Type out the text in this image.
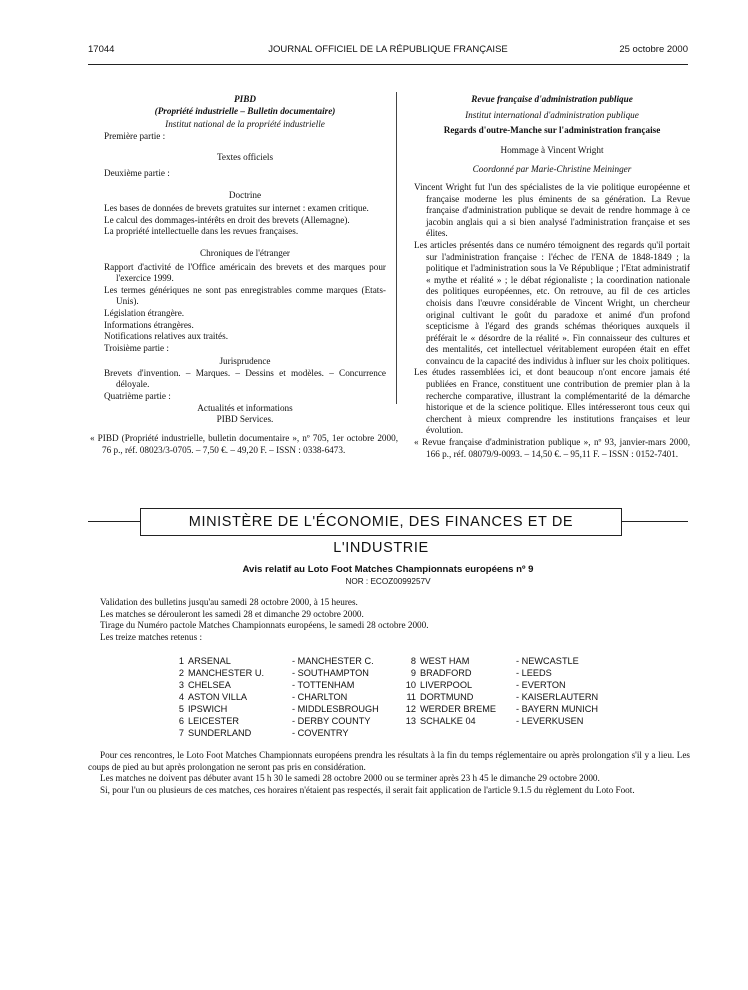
17044	JOURNAL OFFICIEL DE LA RÉPUBLIQUE FRANÇAISE	25 octobre 2000

PIBD

(Propriété industrielle – Bulletin documentaire)

Institut national de la propriété industrielle

Première partie :

Textes officiels

Deuxième partie :

Doctrine

Les bases de données de brevets gratuites sur internet : examen critique.

Le calcul des dommages-intérêts en droit des brevets (Allemagne).

La propriété intellectuelle dans les revues françaises.

Chroniques de l'étranger

Rapport d'activité de l'Office américain des brevets et des marques pour l'exercice 1999.

Les termes génériques ne sont pas enregistrables comme marques (Etats-Unis).

Législation étrangère.

Informations étrangères.

Notifications relatives aux traités.

Troisième partie :

Jurisprudence

Brevets d'invention. – Marques. – Dessins et modèles. – Concurrence déloyale.

Quatrième partie :

Actualités et informations

PIBD Services.

« PIBD (Propriété industrielle, bulletin documentaire », nº 705, 1er octobre 2000, 76 p., réf. 08023/3-0705. – 7,50 €. – 49,20 F. – ISSN : 0338-6473.

Revue française d'administration publique

Institut international d'administration publique

Regards d'outre-Manche sur l'administration française

Hommage à Vincent Wright

Coordonné par Marie-Christine Meininger

Vincent Wright fut l'un des spécialistes de la vie politique européenne et française moderne les plus éminents de sa génération. La Revue française d'administration publique se devait de rendre hommage à ce jacobin anglais qui a si bien analysé l'administration française et ses élites.

Les articles présentés dans ce numéro témoignent des regards qu'il portait sur l'administration française : l'échec de l'ENA de 1848-1849 ; la politique et l'administration sous la Ve République ; l'Etat administratif « mythe et réalité » ; le débat régionaliste ; la coordination nationale des politiques européennes, etc. On retrouve, au fil de ces articles choisis dans l'œuvre considérable de Vincent Wright, un chercheur original cultivant le goût du paradoxe et animé d'un profond scepticisme à l'égard des grands schémas théoriques auxquels il préférait le « désordre de la réalité ». Fin connaisseur des cultures et des mentalités, cet intellectuel véritablement européen était en effet convaincu de la capacité des individus à influer sur les choix politiques.

Les études rassemblées ici, et dont beaucoup n'ont encore jamais été publiées en France, constituent une contribution de premier plan à la recherche comparative, illustrant la complémentarité de la démarche historique et de la science politique. Elles intéresseront tous ceux qui cherchent à mieux comprendre les institutions françaises et leur évolution.

« Revue française d'administration publique », nº 93, janvier-mars 2000, 166 p., réf. 08079/9-0093. – 14,50 €. – 95,11 F. – ISSN : 0152-7401.

MINISTÈRE DE L'ÉCONOMIE, DES FINANCES ET DE L'INDUSTRIE
Avis relatif au Loto Foot Matches Championnats européens nº 9
NOR : ECOZ0099257V

Validation des bulletins jusqu'au samedi 28 octobre 2000, à 15 heures.

Les matches se dérouleront les samedi 28 et dimanche 29 octobre 2000.

Tirage du Numéro pactole Matches Championnats européens, le samedi 28 octobre 2000.

Les treize matches retenus :

1 ARSENAL	- MANCHESTER C.
2 MANCHESTER U.	- SOUTHAMPTON
3 CHELSEA	- TOTTENHAM
4 ASTON VILLA	- CHARLTON
5 IPSWICH	- MIDDLESBROUGH
6 LEICESTER	- DERBY COUNTY
7 SUNDERLAND	- COVENTRY
8 WEST HAM	- NEWCASTLE
9 BRADFORD	- LEEDS
10 LIVERPOOL	- EVERTON
11 DORTMUND	- KAISERLAUTERN
12 WERDER BREME - BAYERN MUNICH
13 SCHALKE 04	- LEVERKUSEN

Pour ces rencontres, le Loto Foot Matches Championnats européens prendra les résultats à la fin du temps réglementaire ou après prolongation s'il y a lieu. Les coups de pied au but après prolongation ne seront pas pris en considération.

Les matches ne doivent pas débuter avant 15 h 30 le samedi 28 octobre 2000 ou se terminer après 23 h 45 le dimanche 29 octobre 2000.

Si, pour l'un ou plusieurs de ces matches, ces horaires n'étaient pas respectés, il serait fait application de l'article 9.1.5 du règlement du Loto Foot.
